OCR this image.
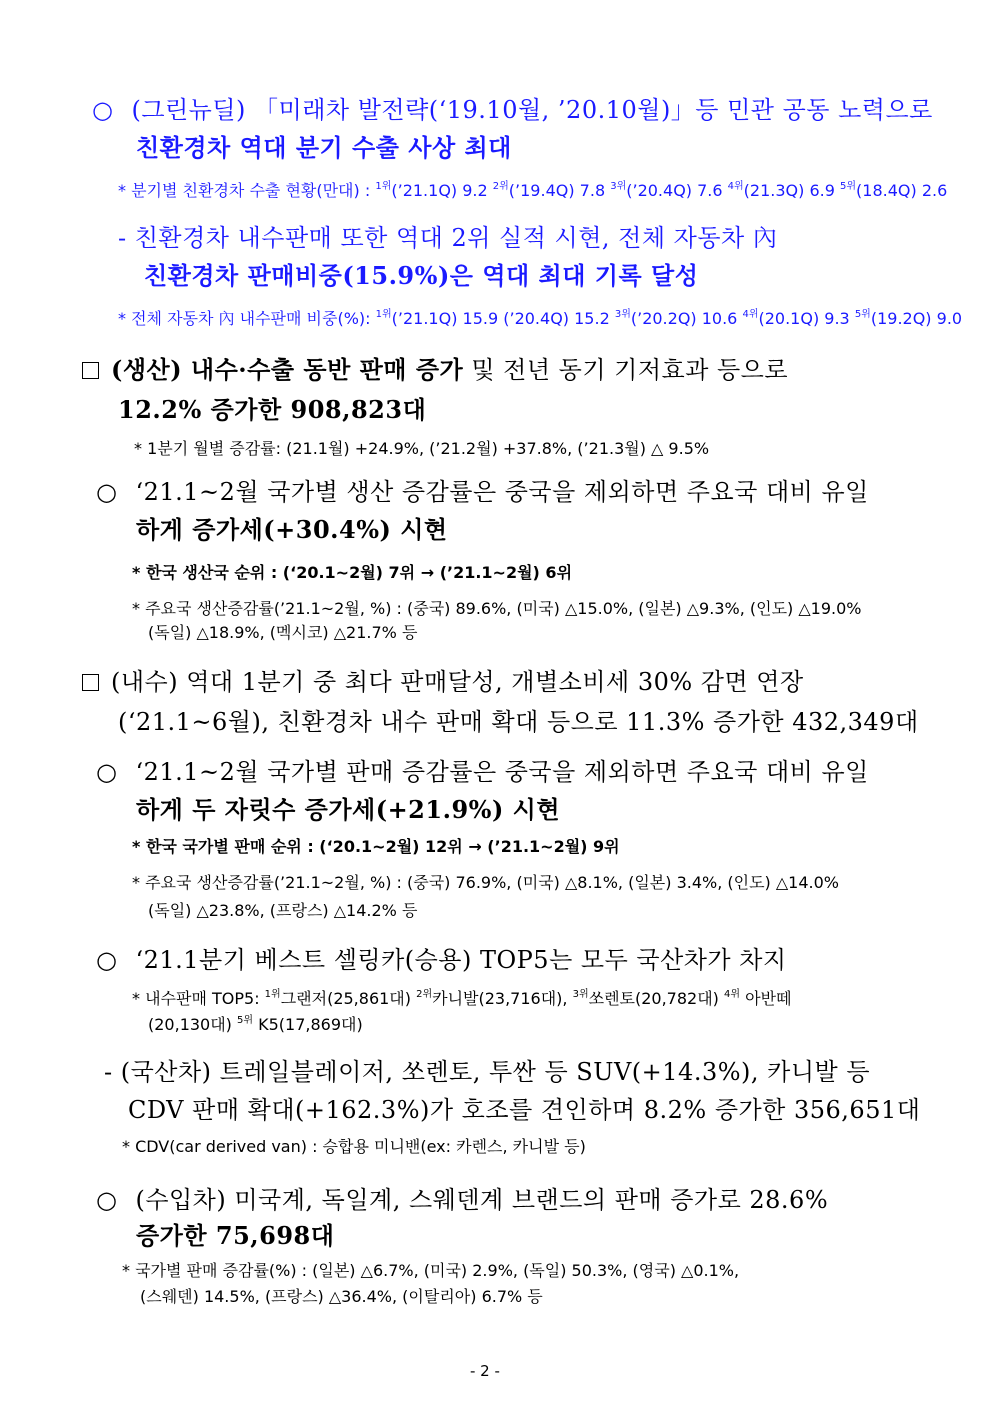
○ (그린뉴딜) 「미래차 발전략(‘19.10월, ’20.10월)」등 민관 공동 노력으로
친환경차 역대 분기 수출 사상 최대
* 분기별 친환경차 수출 현황(만대) : $^{1위}$(’21.1Q) 9.2 $^{2위}$(’19.4Q) 7.8 $^{3위}$(’20.4Q) 7.6 $^{4위}$(21.3Q) 6.9 $^{5위}$(18.4Q) 2.6
- 친환경차 내수판매 또한 역대 2위 실적 시현, 전체 자동차 內
친환경차 판매비중(15.9%)은 역대 최대 기록 달성
* 전체 자동차 內 내수판매 비중(%): $^{1위}$(’21.1Q) 15.9 (’20.4Q) 15.2 $^{3위}$(’20.2Q) 10.6 $^{4위}$(20.1Q) 9.3 $^{5위}$(19.2Q) 9.0
(생산) 내수·수출 동반 판매 증가 및 전년 동기 기저효과 등으로
12.2% 증가한 908,823대
* 1분기 월별 증감률: (21.1월) +24.9%, (’21.2월) +37.8%, (’21.3월) △ 9.5%
○ ‘21.1~2월 국가별 생산 증감률은 중국을 제외하면 주요국 대비 유일
하게 증가세(+30.4%) 시현
* 한국 생산국 순위 : (‘20.1~2월) 7위 → (’21.1~2월) 6위
* 주요국 생산증감률(’21.1~2월, %) : (중국) 89.6%, (미국) △15.0%, (일본) △9.3%, (인도) △19.0%
(독일) △18.9%, (멕시코) △21.7% 등
(내수) 역대 1분기 중 최다 판매달성, 개별소비세 30% 감면 연장
(‘21.1~6월), 친환경차 내수 판매 확대 등으로 11.3% 증가한 432,349대
○ ‘21.1~2월 국가별 판매 증감률은 중국을 제외하면 주요국 대비 유일
하게 두 자릿수 증가세(+21.9%) 시현
* 한국 국가별 판매 순위 : (‘20.1~2월) 12위 → (’21.1~2월) 9위
* 주요국 생산증감률(’21.1~2월, %) : (중국) 76.9%, (미국) △8.1%, (일본) 3.4%, (인도) △14.0%
(독일) △23.8%, (프랑스) △14.2% 등
○ ‘21.1분기 베스트 셀링카(승용) TOP5는 모두 국산차가 차지
* 내수판매 TOP5: $^{1위}$그랜저(25,861대) $^{2위}$카니발(23,716대), $^{3위}$쏘렌토(20,782대) $^{4위}$ 아반떼
(20,130대) $^{5위}$ K5(17,869대)
- (국산차) 트레일블레이저, 쏘렌토, 투싼 등 SUV(+14.3%), 카니발 등
CDV 판매 확대(+162.3%)가 호조를 견인하며 8.2% 증가한 356,651대
* CDV(car derived van) : 승합용 미니밴(ex: 카렌스, 카니발 등)
○ (수입차) 미국계, 독일계, 스웨덴계 브랜드의 판매 증가로 28.6%
증가한 75,698대
* 국가별 판매 증감률(%) : (일본) △6.7%, (미국) 2.9%, (독일) 50.3%, (영국) △0.1%,
(스웨덴) 14.5%, (프랑스) △36.4%, (이탈리아) 6.7% 등
- 2 -
